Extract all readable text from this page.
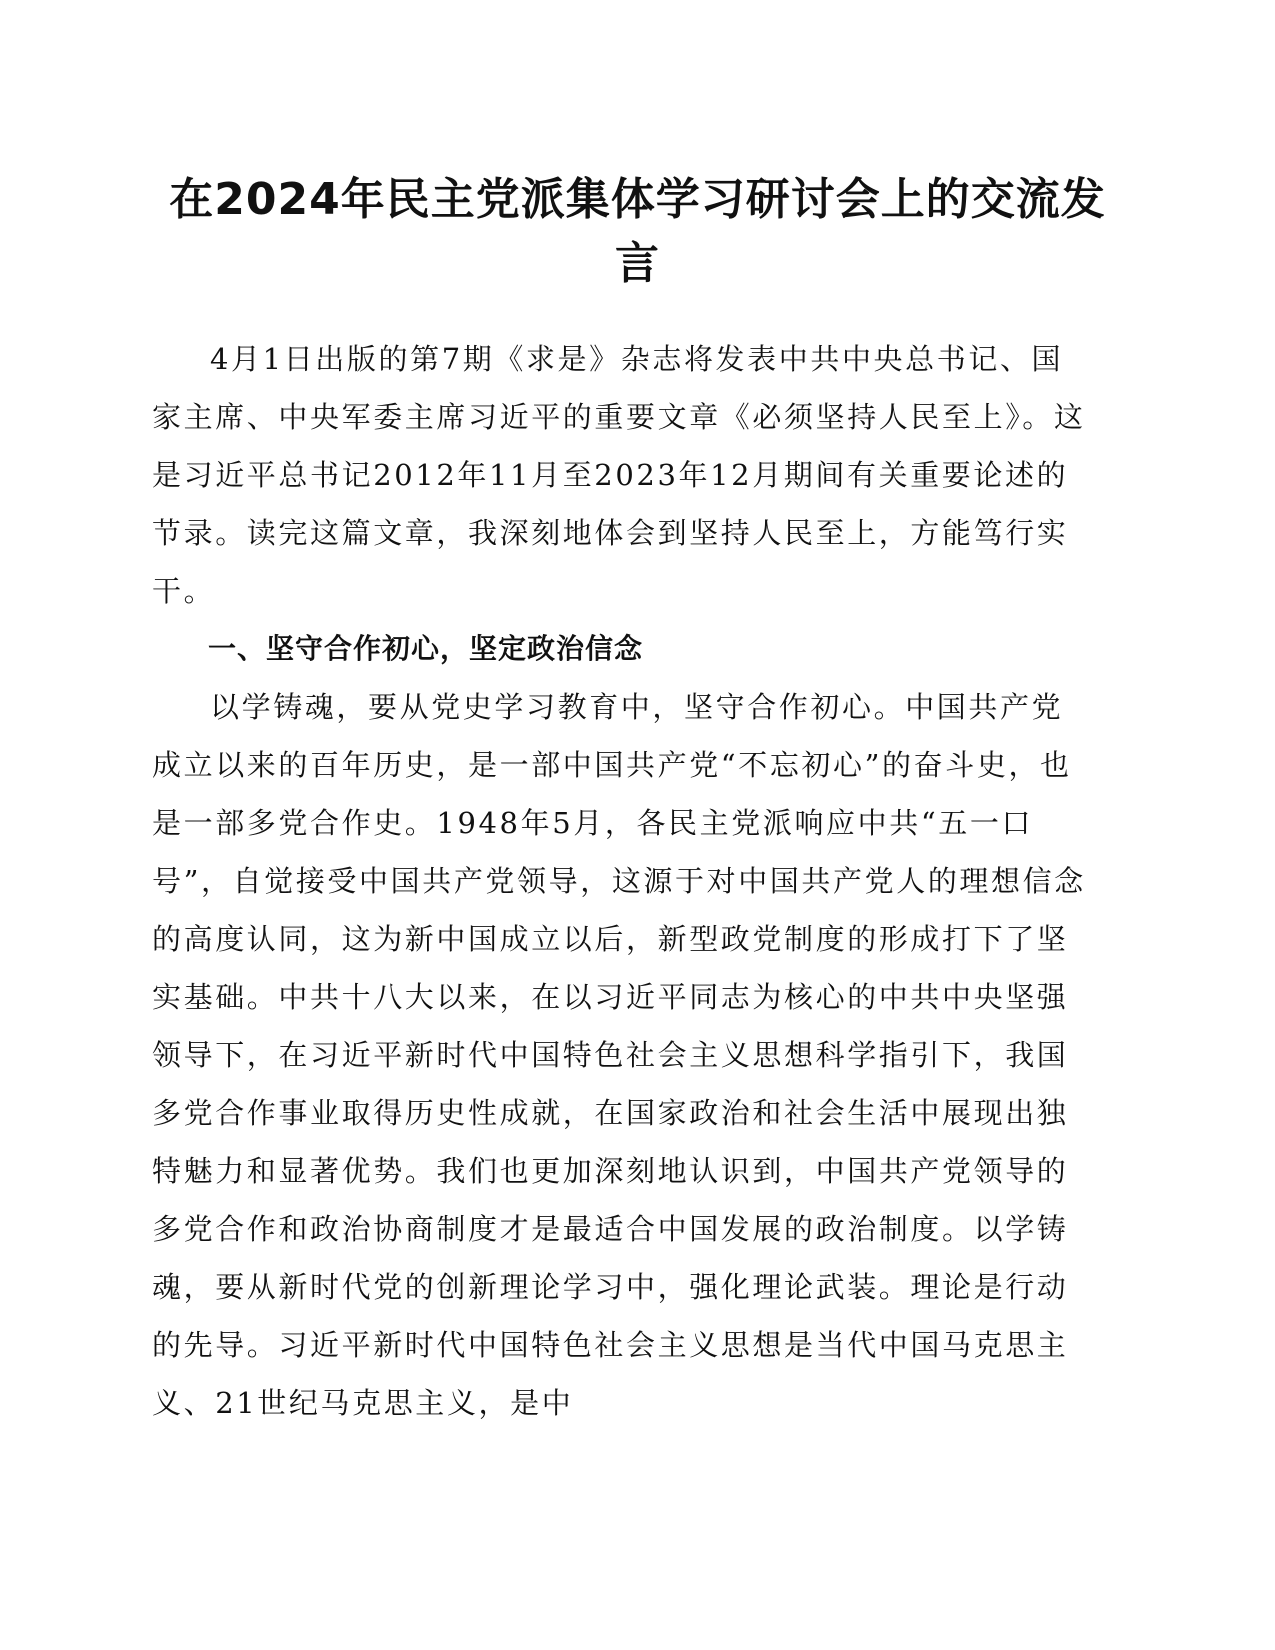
在2024年民主党派集体学习研讨会上的交流发言

4月1日出版的第7期《求是》杂志将发表中共中央总书记、国家主席、中央军委主席习近平的重要文章《必须坚持人民至上》。这是习近平总书记2012年11月至2023年12月期间有关重要论述的节录。读完这篇文章，我深刻地体会到坚持人民至上，方能笃行实干。

一、坚守合作初心，坚定政治信念

以学铸魂，要从党史学习教育中，坚守合作初心。中国共产党成立以来的百年历史，是一部中国共产党“不忘初心”的奋斗史，也是一部多党合作史。1948年5月，各民主党派响应中共“五一口号”，自觉接受中国共产党领导，这源于对中国共产党人的理想信念的高度认同，这为新中国成立以后，新型政党制度的形成打下了坚实基础。中共十八大以来，在以习近平同志为核心的中共中央坚强领导下，在习近平新时代中国特色社会主义思想科学指引下，我国多党合作事业取得历史性成就，在国家政治和社会生活中展现出独特魅力和显著优势。我们也更加深刻地认识到，中国共产党领导的多党合作和政治协商制度才是最适合中国发展的政治制度。以学铸魂，要从新时代党的创新理论学习中，强化理论武装。理论是行动的先导。习近平新时代中国特色社会主义思想是当代中国马克思主义、21世纪马克思主义，是中
